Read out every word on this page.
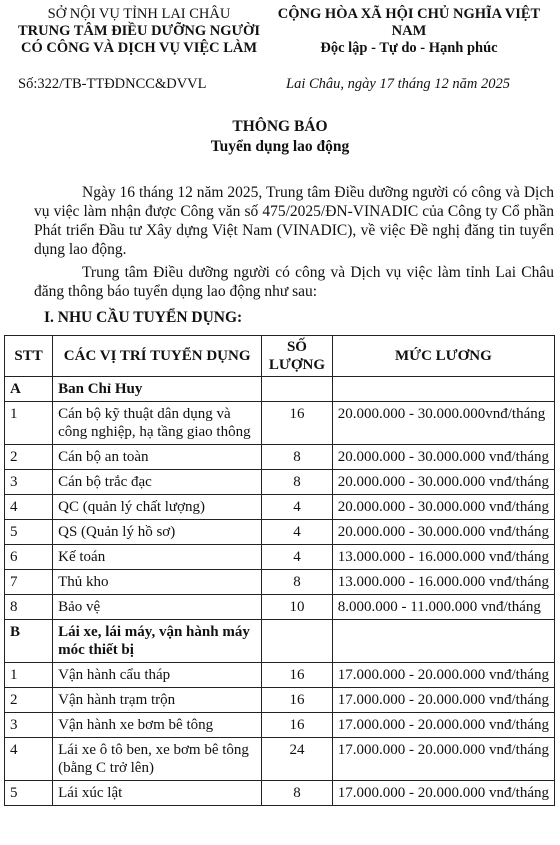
SỞ NỘI VỤ TỈNH LAI CHÂU
TRUNG TÂM ĐIỀU DƯỠNG NGƯỜI
CÓ CÔNG VÀ DỊCH VỤ VIỆC LÀM
CỘNG HÒA XÃ HỘI CHỦ NGHĨA VIỆT NAM
Độc lập - Tự do - Hạnh phúc
Số:322/TB-TTĐDNCC&DVVL	Lai Châu, ngày 17 tháng 12 năm 2025
THÔNG BÁO
Tuyển dụng lao động
Ngày 16 tháng 12 năm 2025, Trung tâm Điều dưỡng người có công và Dịch vụ việc làm nhận được Công văn số 475/2025/ĐN-VINADIC của Công ty Cổ phần Phát triển Đầu tư Xây dựng Việt Nam (VINADIC), về việc Đề nghị đăng tin tuyển dụng lao động.
Trung tâm Điều dưỡng người có công và Dịch vụ việc làm tỉnh Lai Châu đăng thông báo tuyển dụng lao động như sau:
I. NHU CẦU TUYỂN DỤNG:
STT	CÁC VỊ TRÍ TUYỂN DỤNG	SỐ LƯỢNG	MỨC LƯƠNG
A	Ban Chỉ Huy		
1	Cán bộ kỹ thuật dân dụng và công nghiệp, hạ tầng giao thông	16	20.000.000 - 30.000.000vnđ/tháng
2	Cán bộ an toàn	8	20.000.000 - 30.000.000 vnđ/tháng
3	Cán bộ trắc đạc	8	20.000.000 - 30.000.000 vnđ/tháng
4	QC (quản lý chất lượng)	4	20.000.000 - 30.000.000 vnđ/tháng
5	QS (Quản lý hồ sơ)	4	20.000.000 - 30.000.000 vnđ/tháng
6	Kế toán	4	13.000.000 - 16.000.000 vnđ/tháng
7	Thủ kho	8	13.000.000 - 16.000.000 vnđ/tháng
8	Bảo vệ	10	8.000.000 - 11.000.000 vnđ/tháng
B	Lái xe, lái máy, vận hành máy móc thiết bị		
1	Vận hành cẩu tháp	16	17.000.000 - 20.000.000 vnđ/tháng
2	Vận hành trạm trộn	16	17.000.000 - 20.000.000 vnđ/tháng
3	Vận hành xe bơm bê tông	16	17.000.000 - 20.000.000 vnđ/tháng
4	Lái xe ô tô ben, xe bơm bê tông (bằng C trở lên)	24	17.000.000 - 20.000.000 vnđ/tháng
5	Lái xúc lật	8	17.000.000 - 20.000.000 vnđ/tháng
